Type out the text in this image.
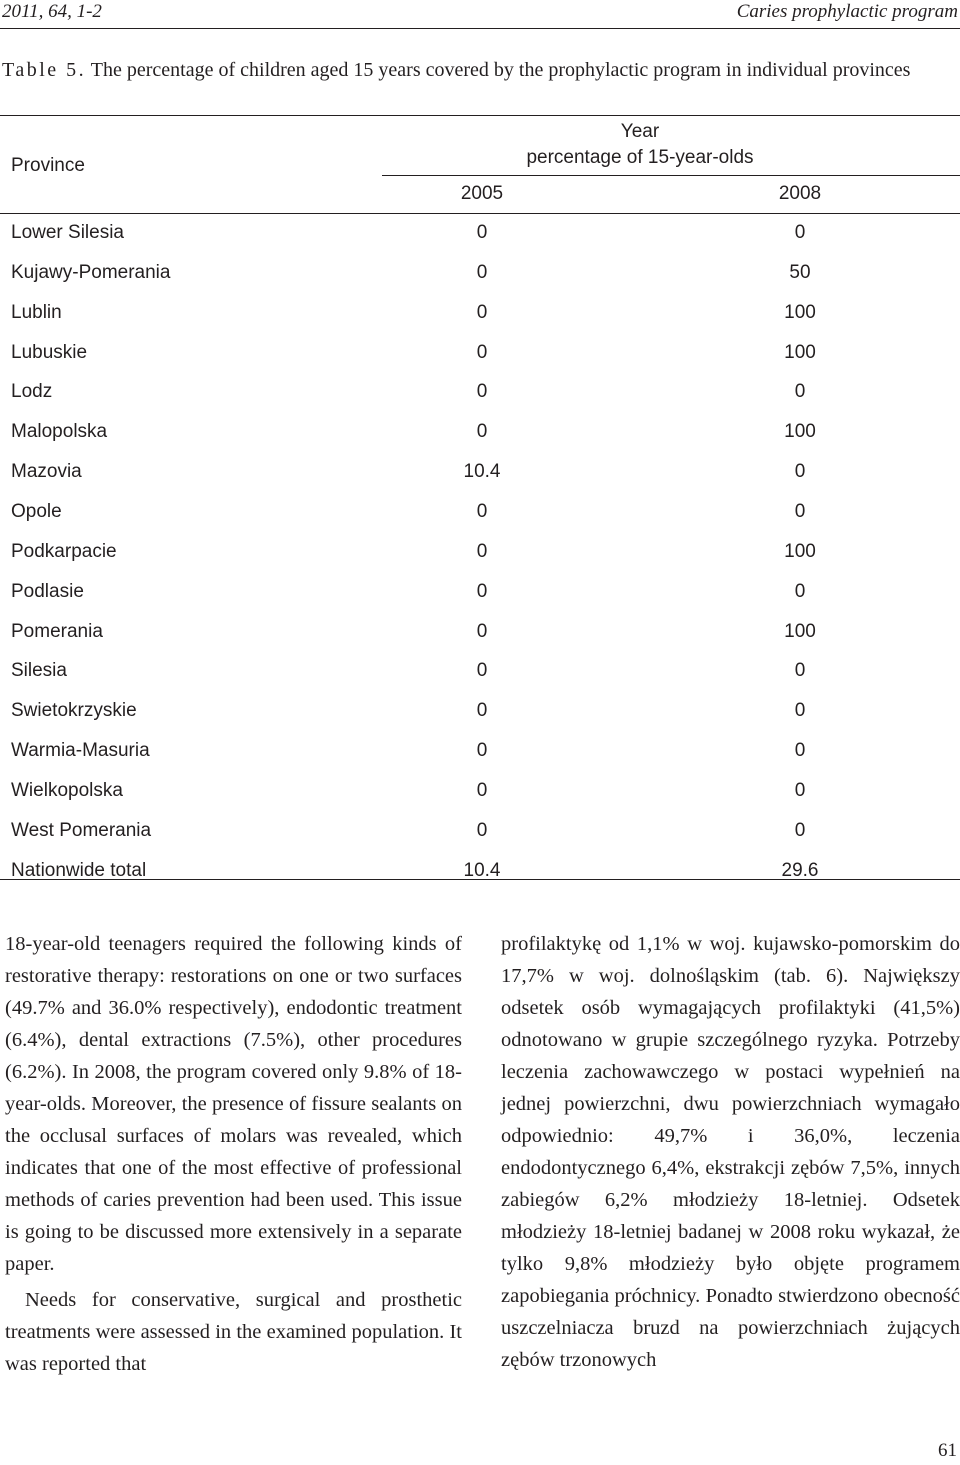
2011, 64, 1-2	Caries prophylactic program
Table 5. The percentage of children aged 15 years covered by the prophylactic program in individual provinces
Province
Year
percentage of 15-year-olds
2005	2008
Lower Silesia	0	0
Kujawy-Pomerania	0	50
Lublin	0	100
Lubuskie	0	100
Lodz	0	0
Malopolska	0	100
Mazovia	10.4	0
Opole	0	0
Podkarpacie	0	100
Podlasie	0	0
Pomerania	0	100
Silesia	0	0
Swietokrzyskie	0	0
Warmia-Masuria	0	0
Wielkopolska	0	0
West Pomerania	0	0
Nationwide total	10.4	29.6

18-year-old teenagers required the following kinds of restorative therapy: restorations on one or two surfaces (49.7% and 36.0% respectively), endodontic treatment (6.4%), dental extractions (7.5%), other procedures (6.2%). In 2008, the program covered only 9.8% of 18-year-olds. Moreover, the presence of fissure sealants on the occlusal surfaces of molars was revealed, which indicates that one of the most effective of professional methods of caries prevention had been used. This issue is going to be discussed more extensively in a separate paper.

Needs for conservative, surgical and prosthetic treatments were assessed in the examined population. It was reported that

profilaktykę od 1,1% w woj. kujawsko-pomorskim do 17,7% w woj. dolnośląskim (tab. 6). Największy odsetek osób wymagających profilaktyki (41,5%) odnotowano w grupie szczególnego ryzyka. Potrzeby leczenia zachowawczego w postaci wypełnień na jednej powierzchni, dwu powierzchniach wymagało odpowiednio: 49,7% i 36,0%, leczenia endodontycznego 6,4%, ekstrakcji zębów 7,5%, innych zabiegów 6,2% młodzieży 18-letniej. Odsetek młodzieży 18-letniej badanej w 2008 roku wykazał, że tylko 9,8% młodzieży było objęte programem zapobiegania próchnicy. Ponadto stwierdzono obecność uszczelniacza bruzd na powierzchniach żujących zębów trzonowych

61
